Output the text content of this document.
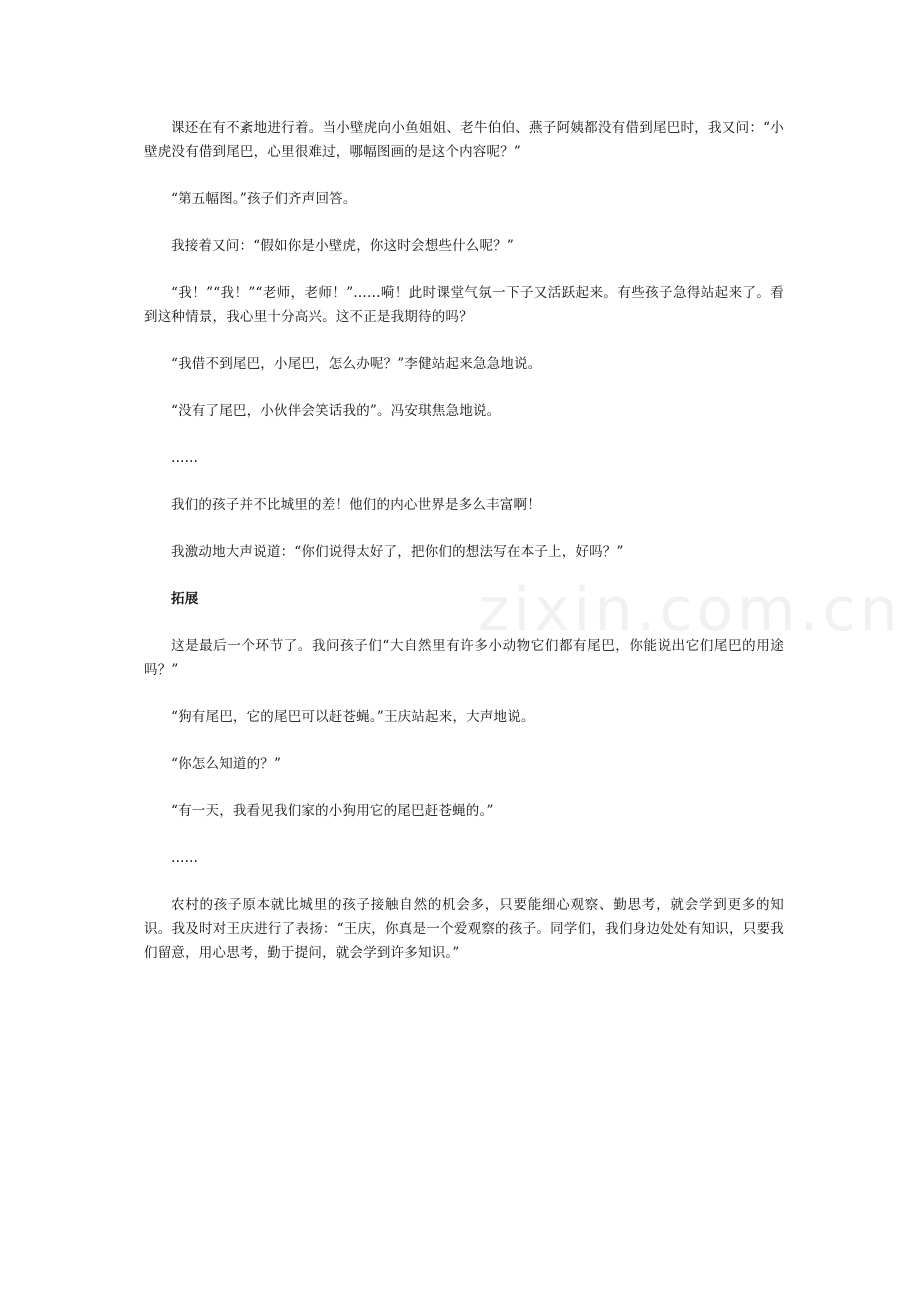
zixin.com.cn

课还在有不紊地进行着。当小壁虎向小鱼姐姐、老牛伯伯、燕子阿姨都没有借到尾巴时，我又问：“小壁虎没有借到尾巴，心里很难过，哪幅图画的是这个内容呢？”

“第五幅图。”孩子们齐声回答。

我接着又问：“假如你是小壁虎，你这时会想些什么呢？”

“我！”“我！”“老师，老师！”……嗬！此时课堂气氛一下子又活跃起来。有些孩子急得站起来了。看到这种情景，我心里十分高兴。这不正是我期待的吗？

“我借不到尾巴，小尾巴，怎么办呢？”李健站起来急急地说。

“没有了尾巴，小伙伴会笑话我的”。冯安琪焦急地说。

……

我们的孩子并不比城里的差！他们的内心世界是多么丰富啊！

我激动地大声说道：“你们说得太好了，把你们的想法写在本子上，好吗？”

拓展

这是最后一个环节了。我问孩子们“大自然里有许多小动物它们都有尾巴，你能说出它们尾巴的用途吗？”

“狗有尾巴，它的尾巴可以赶苍蝇。”王庆站起来，大声地说。

“你怎么知道的？”

“有一天，我看见我们家的小狗用它的尾巴赶苍蝇的。”

……

农村的孩子原本就比城里的孩子接触自然的机会多，只要能细心观察、勤思考，就会学到更多的知识。我及时对王庆进行了表扬：“王庆，你真是一个爱观察的孩子。同学们，我们身边处处有知识，只要我们留意，用心思考，勤于提问，就会学到许多知识。”
